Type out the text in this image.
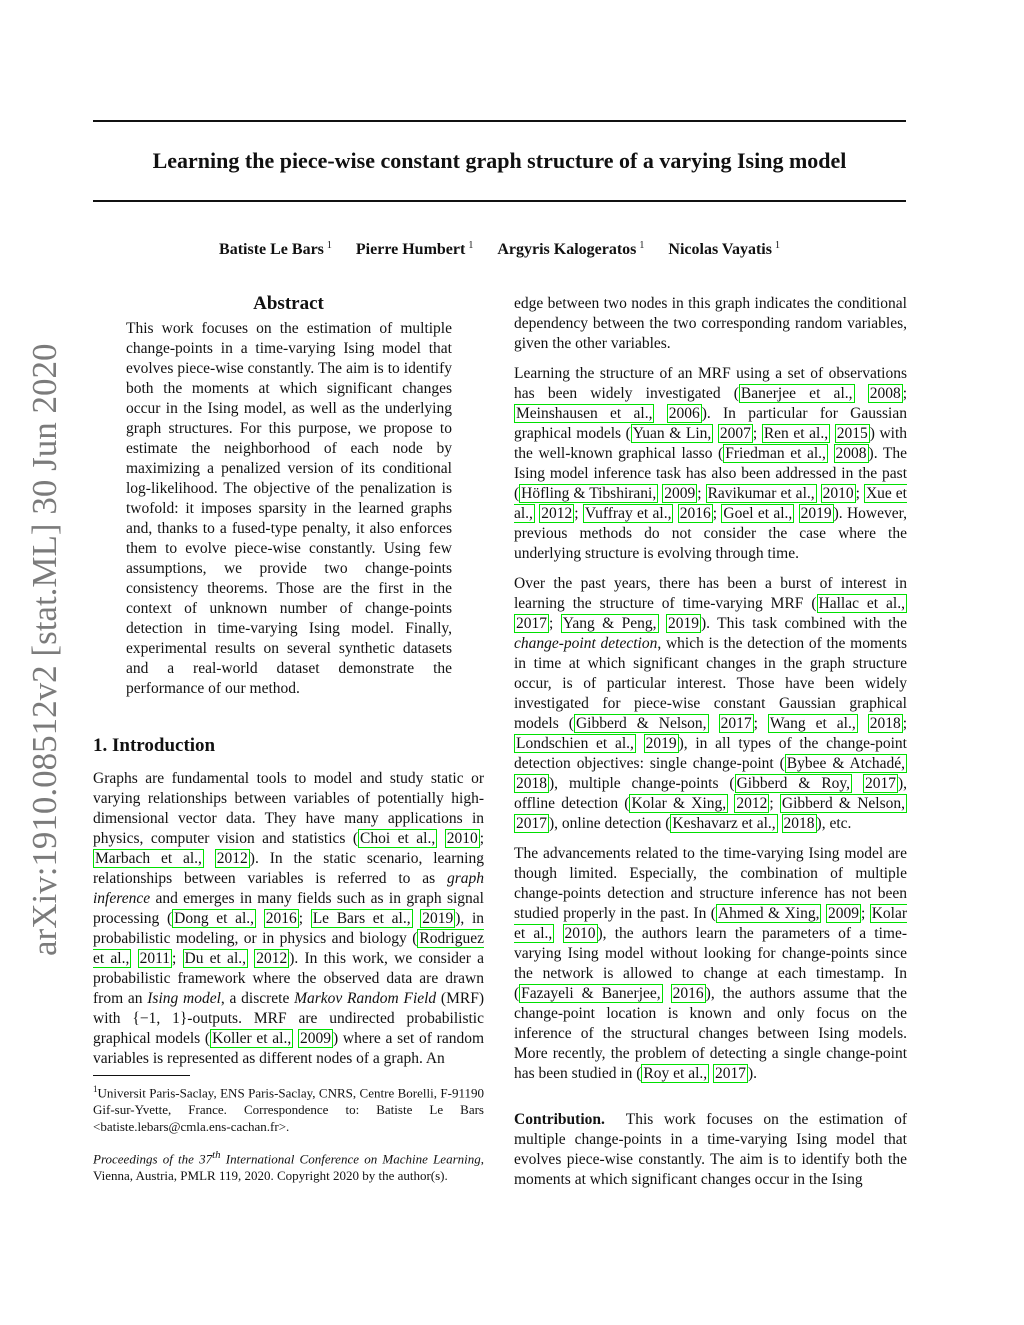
Learning the piece-wise constant graph structure of a varying Ising model
Batiste Le Bars $^1$ Pierre Humbert $^1$ Argyris Kalogeratos $^1$ Nicolas Vayatis $^1$
arXiv:1910.08512v2 [stat.ML] 30 Jun 2020
Abstract
This work focuses on the estimation of multiple change-points in a time-varying Ising model that evolves piece-wise constantly. The aim is to identify both the moments at which significant changes occur in the Ising model, as well as the underlying graph structures. For this purpose, we propose to estimate the neighborhood of each node by maximizing a penalized version of its conditional log-likelihood. The objective of the penalization is twofold: it imposes sparsity in the learned graphs and, thanks to a fused-type penalty, it also enforces them to evolve piece-wise constantly. Using few assumptions, we provide two change-points consistency theorems. Those are the first in the context of unknown number of change-points detection in time-varying Ising model. Finally, experimental results on several synthetic datasets and a real-world dataset demonstrate the performance of our method.
1. Introduction
Graphs are fundamental tools to model and study static or varying relationships between variables of potentially high-dimensional vector data. They have many applications in physics, computer vision and statistics ( Choi et al., 2010 ; Marbach et al., 2012 ). In the static scenario, learning relationships between variables is referred to as graph inference and emerges in many fields such as in graph signal processing ( Dong et al., 2016 ; Le Bars et al., 2019 ), in probabilistic modeling, or in physics and biology ( Rodriguez et al., 2011 ; Du et al., 2012 ). In this work, we consider a probabilistic framework where the observed data are drawn from an Ising model, a discrete Markov Random Field (MRF) with {−1, 1}-outputs. MRF are undirected probabilistic graphical models ( Koller et al., 2009 ) where a set of random variables is represented as different nodes of a graph. An
$^1$Universit Paris-Saclay, ENS Paris-Saclay, CNRS, Centre Borelli, F-91190 Gif-sur-Yvette, France. Correspondence to: Batiste Le Bars <batiste.lebars@cmla.ens-cachan.fr>.
Proceedings of the 37th International Conference on Machine Learning, Vienna, Austria, PMLR 119, 2020. Copyright 2020 by the author(s).

edge between two nodes in this graph indicates the conditional dependency between the two corresponding random variables, given the other variables.

Learning the structure of an MRF using a set of observations has been widely investigated ( Banerjee et al., 2008 ; Meinshausen et al., 2006 ). In particular for Gaussian graphical models ( Yuan & Lin, 2007 ; Ren et al., 2015 ) with the well-known graphical lasso ( Friedman et al., 2008 ). The Ising model inference task has also been addressed in the past ( Höfling & Tibshirani, 2009 ; Ravikumar et al., 2010 ; Xue et al., 2012 ; Vuffray et al., 2016 ; Goel et al., 2019 ). However, previous methods do not consider the case where the underlying structure is evolving through time.

Over the past years, there has been a burst of interest in learning the structure of time-varying MRF ( Hallac et al., 2017 ; Yang & Peng, 2019 ). This task combined with the change-point detection, which is the detection of the moments in time at which significant changes in the graph structure occur, is of particular interest. Those have been widely investigated for piece-wise constant Gaussian graphical models ( Gibberd & Nelson, 2017 ; Wang et al., 2018 ; Londschien et al., 2019 ), in all types of the change-point detection objectives: single change-point ( Bybee & Atchadé, 2018 ), multiple change-points ( Gibberd & Roy, 2017 ), offline detection ( Kolar & Xing, 2012 ; Gibberd & Nelson, 2017 ), online detection ( Keshavarz et al., 2018 ), etc.

The advancements related to the time-varying Ising model are though limited. Especially, the combination of multiple change-points detection and structure inference has not been studied properly in the past. In ( Ahmed & Xing, 2009 ; Kolar et al., 2010 ), the authors learn the parameters of a time-varying Ising model without looking for change-points since the network is allowed to change at each timestamp. In ( Fazayeli & Banerjee, 2016 ), the authors assume that the change-point location is known and only focus on the inference of the structural changes between Ising models. More recently, the problem of detecting a single change-point has been studied in ( Roy et al., 2017 ).

Contribution.  This work focuses on the estimation of multiple change-points in a time-varying Ising model that evolves piece-wise constantly. The aim is to identify both the moments at which significant changes occur in the Ising
